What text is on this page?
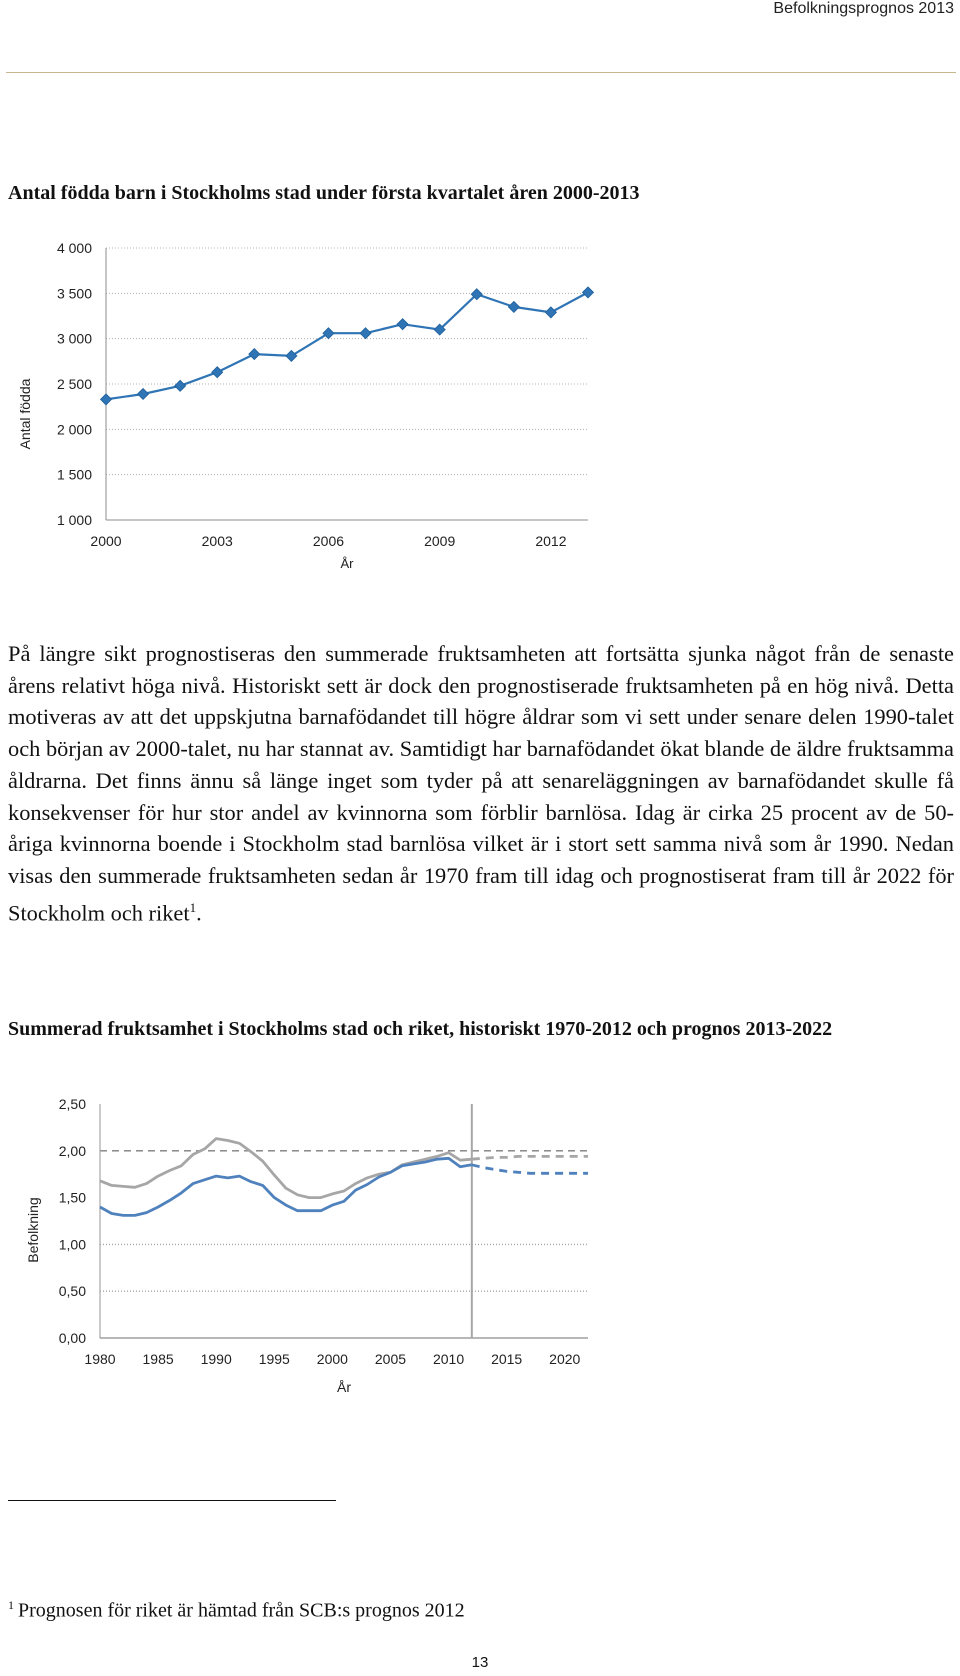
Befolkningsprognos 2013
Antal födda barn i Stockholms stad under första kvartalet åren 2000-2013
1 000
1 500
2 000
2 500
3 000
3 500
4 000
2000	2003	2006	2009	2012
År
Antal födda
På längre sikt prognostiseras den summerade fruktsamheten att fortsätta sjunka något från de senaste årens relativt höga nivå. Historiskt sett är dock den prognostiserade fruktsamheten på en hög nivå. Detta motiveras av att det uppskjutna barnafödandet till högre åldrar som vi sett under senare delen 1990-talet och början av 2000-talet, nu har stannat av. Samtidigt har barnafödandet ökat blande de äldre fruktsamma åldrarna. Det finns ännu så länge inget som tyder på att senareläggningen av barnafödandet skulle få konsekvenser för hur stor andel av kvinnorna som förblir barnlösa. Idag är cirka 25 procent av de 50-åriga kvinnorna boende i Stockholm stad barnlösa vilket är i stort sett samma nivå som år 1990. Nedan visas den summerade fruktsamheten sedan år 1970 fram till idag och prognostiserat fram till år 2022 för Stockholm och riket$^1$.
Summerad fruktsamhet i Stockholms stad och riket, historiskt 1970-2012 och prognos 2013-2022
0,00
0,50
1,00
1,50
2,00
2,50
1980 1985 1990 1995 2000 2005 2010 2015 2020
År
Befolkning
$^1$ Prognosen för riket är hämtad från SCB:s prognos 2012
13
